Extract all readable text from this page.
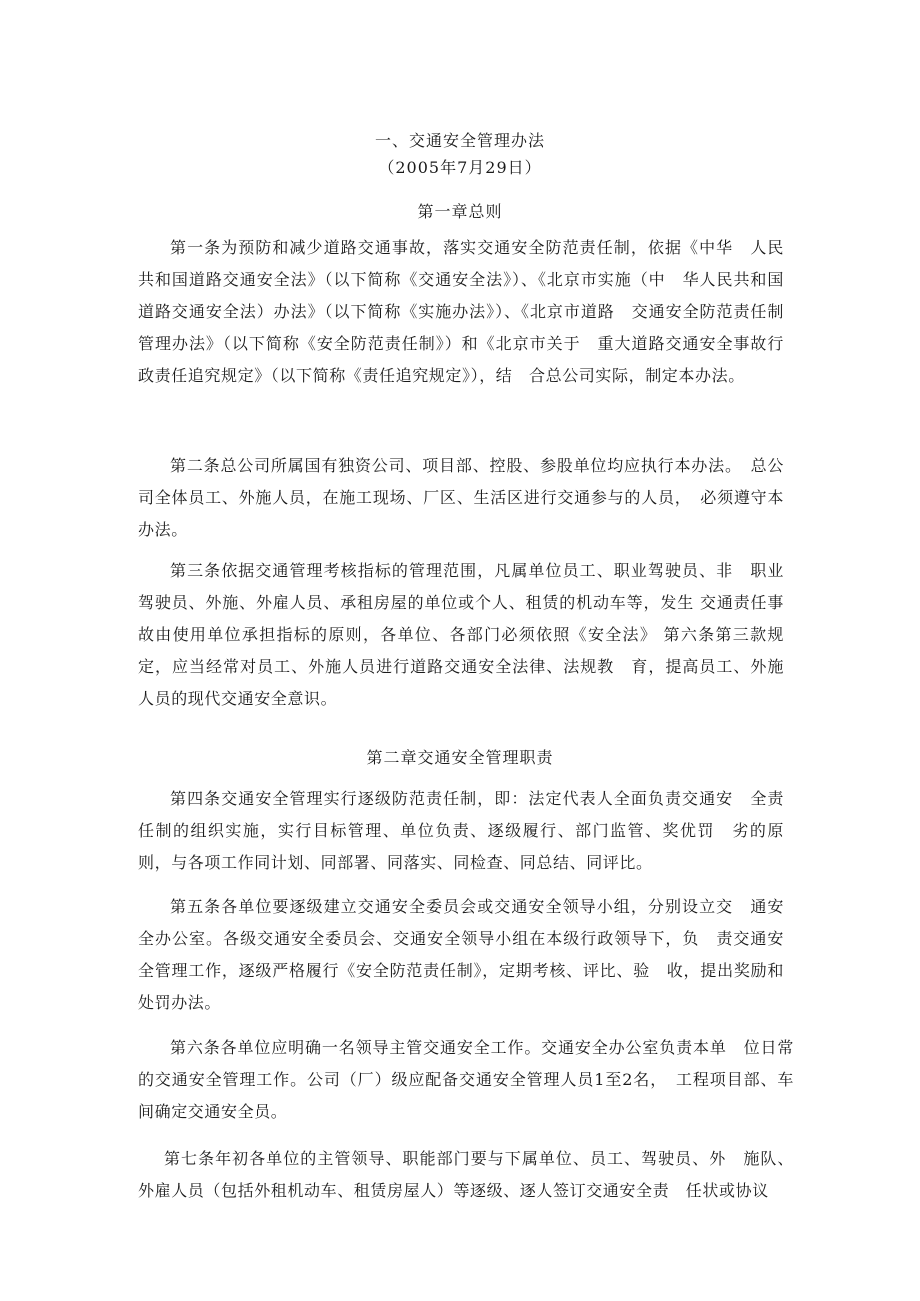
一、交通安全管理办法
（2005年7月29日）
第一章总则
第一条为预防和减少道路交通事故，落实交通安全防范责任制，依据《中华　人民共和国道路交通安全法》（以下简称《交通安全法》）、《北京市实施（中　华人民共和国道路交通安全法）办法》（以下简称《实施办法》）、《北京市道路　交通安全防范责任制管理办法》（以下简称《安全防范责任制》）和《北京市关于　重大道路交通安全事故行政责任追究规定》（以下简称《责任追究规定》），结　合总公司实际，制定本办法。
第二条总公司所属国有独资公司、项目部、控股、参股单位均应执行本办法。　总公司全体员工、外施人员，在施工现场、厂区、生活区进行交通参与的人员，　必须遵守本办法。
第三条依据交通管理考核指标的管理范围，凡属单位员工、职业驾驶员、非　职业驾驶员、外施、外雇人员、承租房屋的单位或个人、租赁的机动车等，发生 交通责任事故由使用单位承担指标的原则，各单位、各部门必须依照《安全法》 第六条第三款规定，应当经常对员工、外施人员进行道路交通安全法律、法规教　育，提高员工、外施人员的现代交通安全意识。
第二章交通安全管理职责
第四条交通安全管理实行逐级防范责任制，即：法定代表人全面负责交通安　全责任制的组织实施，实行目标管理、单位负责、逐级履行、部门监管、奖优罚　劣的原则，与各项工作同计划、同部署、同落实、同检查、同总结、同评比。
第五条各单位要逐级建立交通安全委员会或交通安全领导小组，分别设立交　通安全办公室。各级交通安全委员会、交通安全领导小组在本级行政领导下，负　责交通安全管理工作，逐级严格履行《安全防范责任制》，定期考核、评比、验　收，提出奖励和处罚办法。
第六条各单位应明确一名领导主管交通安全工作。交通安全办公室负责本单　位日常的交通安全管理工作。公司（厂）级应配备交通安全管理人员1至2名，　工程项目部、车间确定交通安全员。
第七条年初各单位的主管领导、职能部门要与下属单位、员工、驾驶员、外　施队、外雇人员（包括外租机动车、租赁房屋人）等逐级、逐人签订交通安全责　任状或协议
